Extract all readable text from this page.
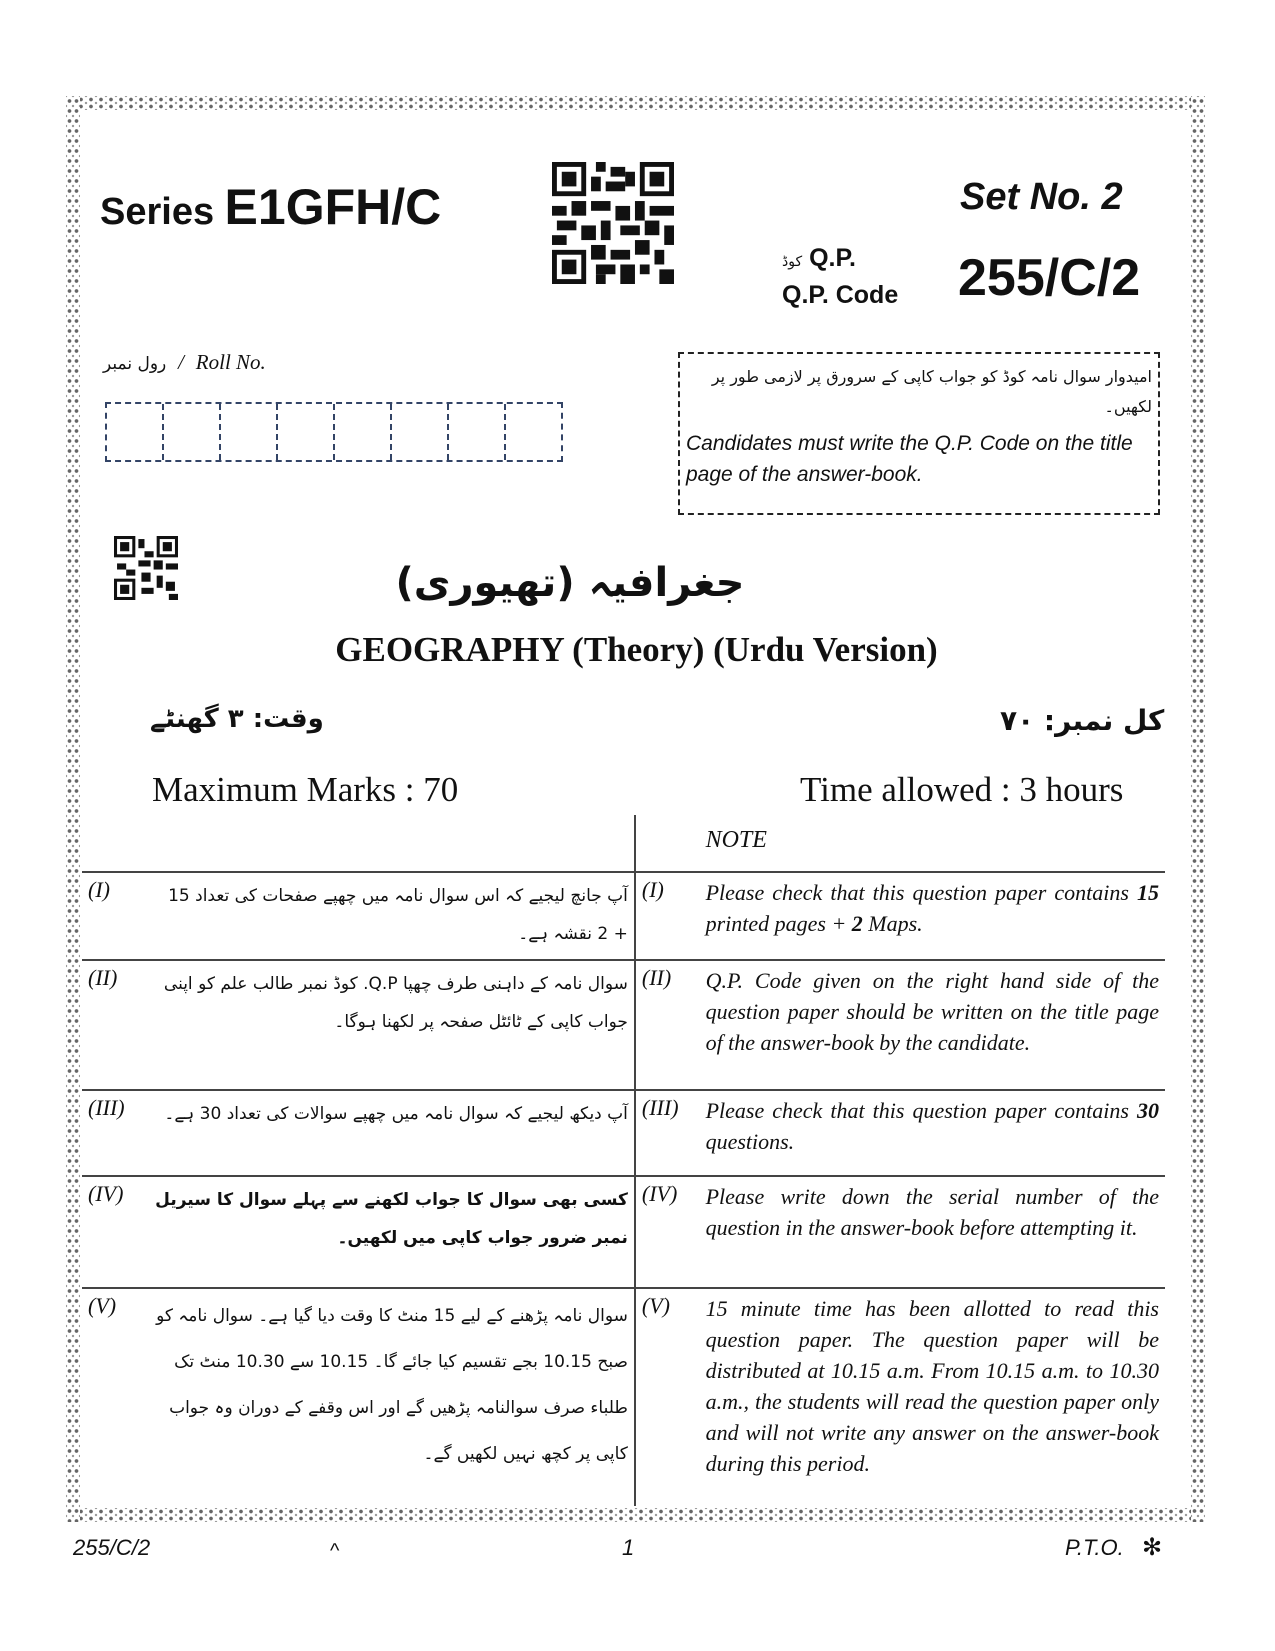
Series E1GFH/C	Set No. 2
کوڈ Q.P.
Q.P. Code 255/C/2
رول نمبر / Roll No.
امیدوار سوال نامہ کوڈ کو جواب کاپی کے سرورق پر لازمی طور پر لکھیں۔
Candidates must write the Q.P. Code on the title page of the answer-book.
جغرافیہ (تھیوری)
GEOGRAPHY (Theory) (Urdu Version)
وقت: ۳ گھنٹے	کل نمبر: ۷۰
Maximum Marks : 70	Time allowed : 3 hours
			NOTE
(I)	آپ جانچ لیجیے کہ اس سوال نامہ میں چھپے صفحات کی تعداد 15 + 2 نقشہ ہے۔	(I)	Please check that this question paper contains 15 printed pages + 2 Maps.
(II)	سوال نامہ کے داہنی طرف چھپا Q.P. کوڈ نمبر طالب علم کو اپنی جواب کاپی کے ٹائٹل صفحہ پر لکھنا ہوگا۔	(II)	Q.P. Code given on the right hand side of the question paper should be written on the title page of the answer-book by the candidate.
(III)	آپ دیکھ لیجیے کہ سوال نامہ میں چھپے سوالات کی تعداد 30 ہے۔	(III)	Please check that this question paper contains 30 questions.
(IV)	کسی بھی سوال کا جواب لکھنے سے پہلے سوال کا سیریل نمبر ضرور جواب کاپی میں لکھیں۔	(IV)	Please write down the serial number of the question in the answer-book before attempting it.
(V)	سوال نامہ پڑھنے کے لیے 15 منٹ کا وقت دیا گیا ہے۔ سوال نامہ کو صبح 10.15 بجے تقسیم کیا جائے گا۔ 10.15 سے 10.30 منٹ تک طلباء صرف سوالنامہ پڑھیں گے اور اس وقفے کے دوران وہ جواب کاپی پر کچھ نہیں لکھیں گے۔	(V)	15 minute time has been allotted to read this question paper. The question paper will be distributed at 10.15 a.m. From 10.15 a.m. to 10.30 a.m., the students will read the question paper only and will not write any answer on the answer-book during this period.
255/C/2	^	1	P.T.O. ✻
